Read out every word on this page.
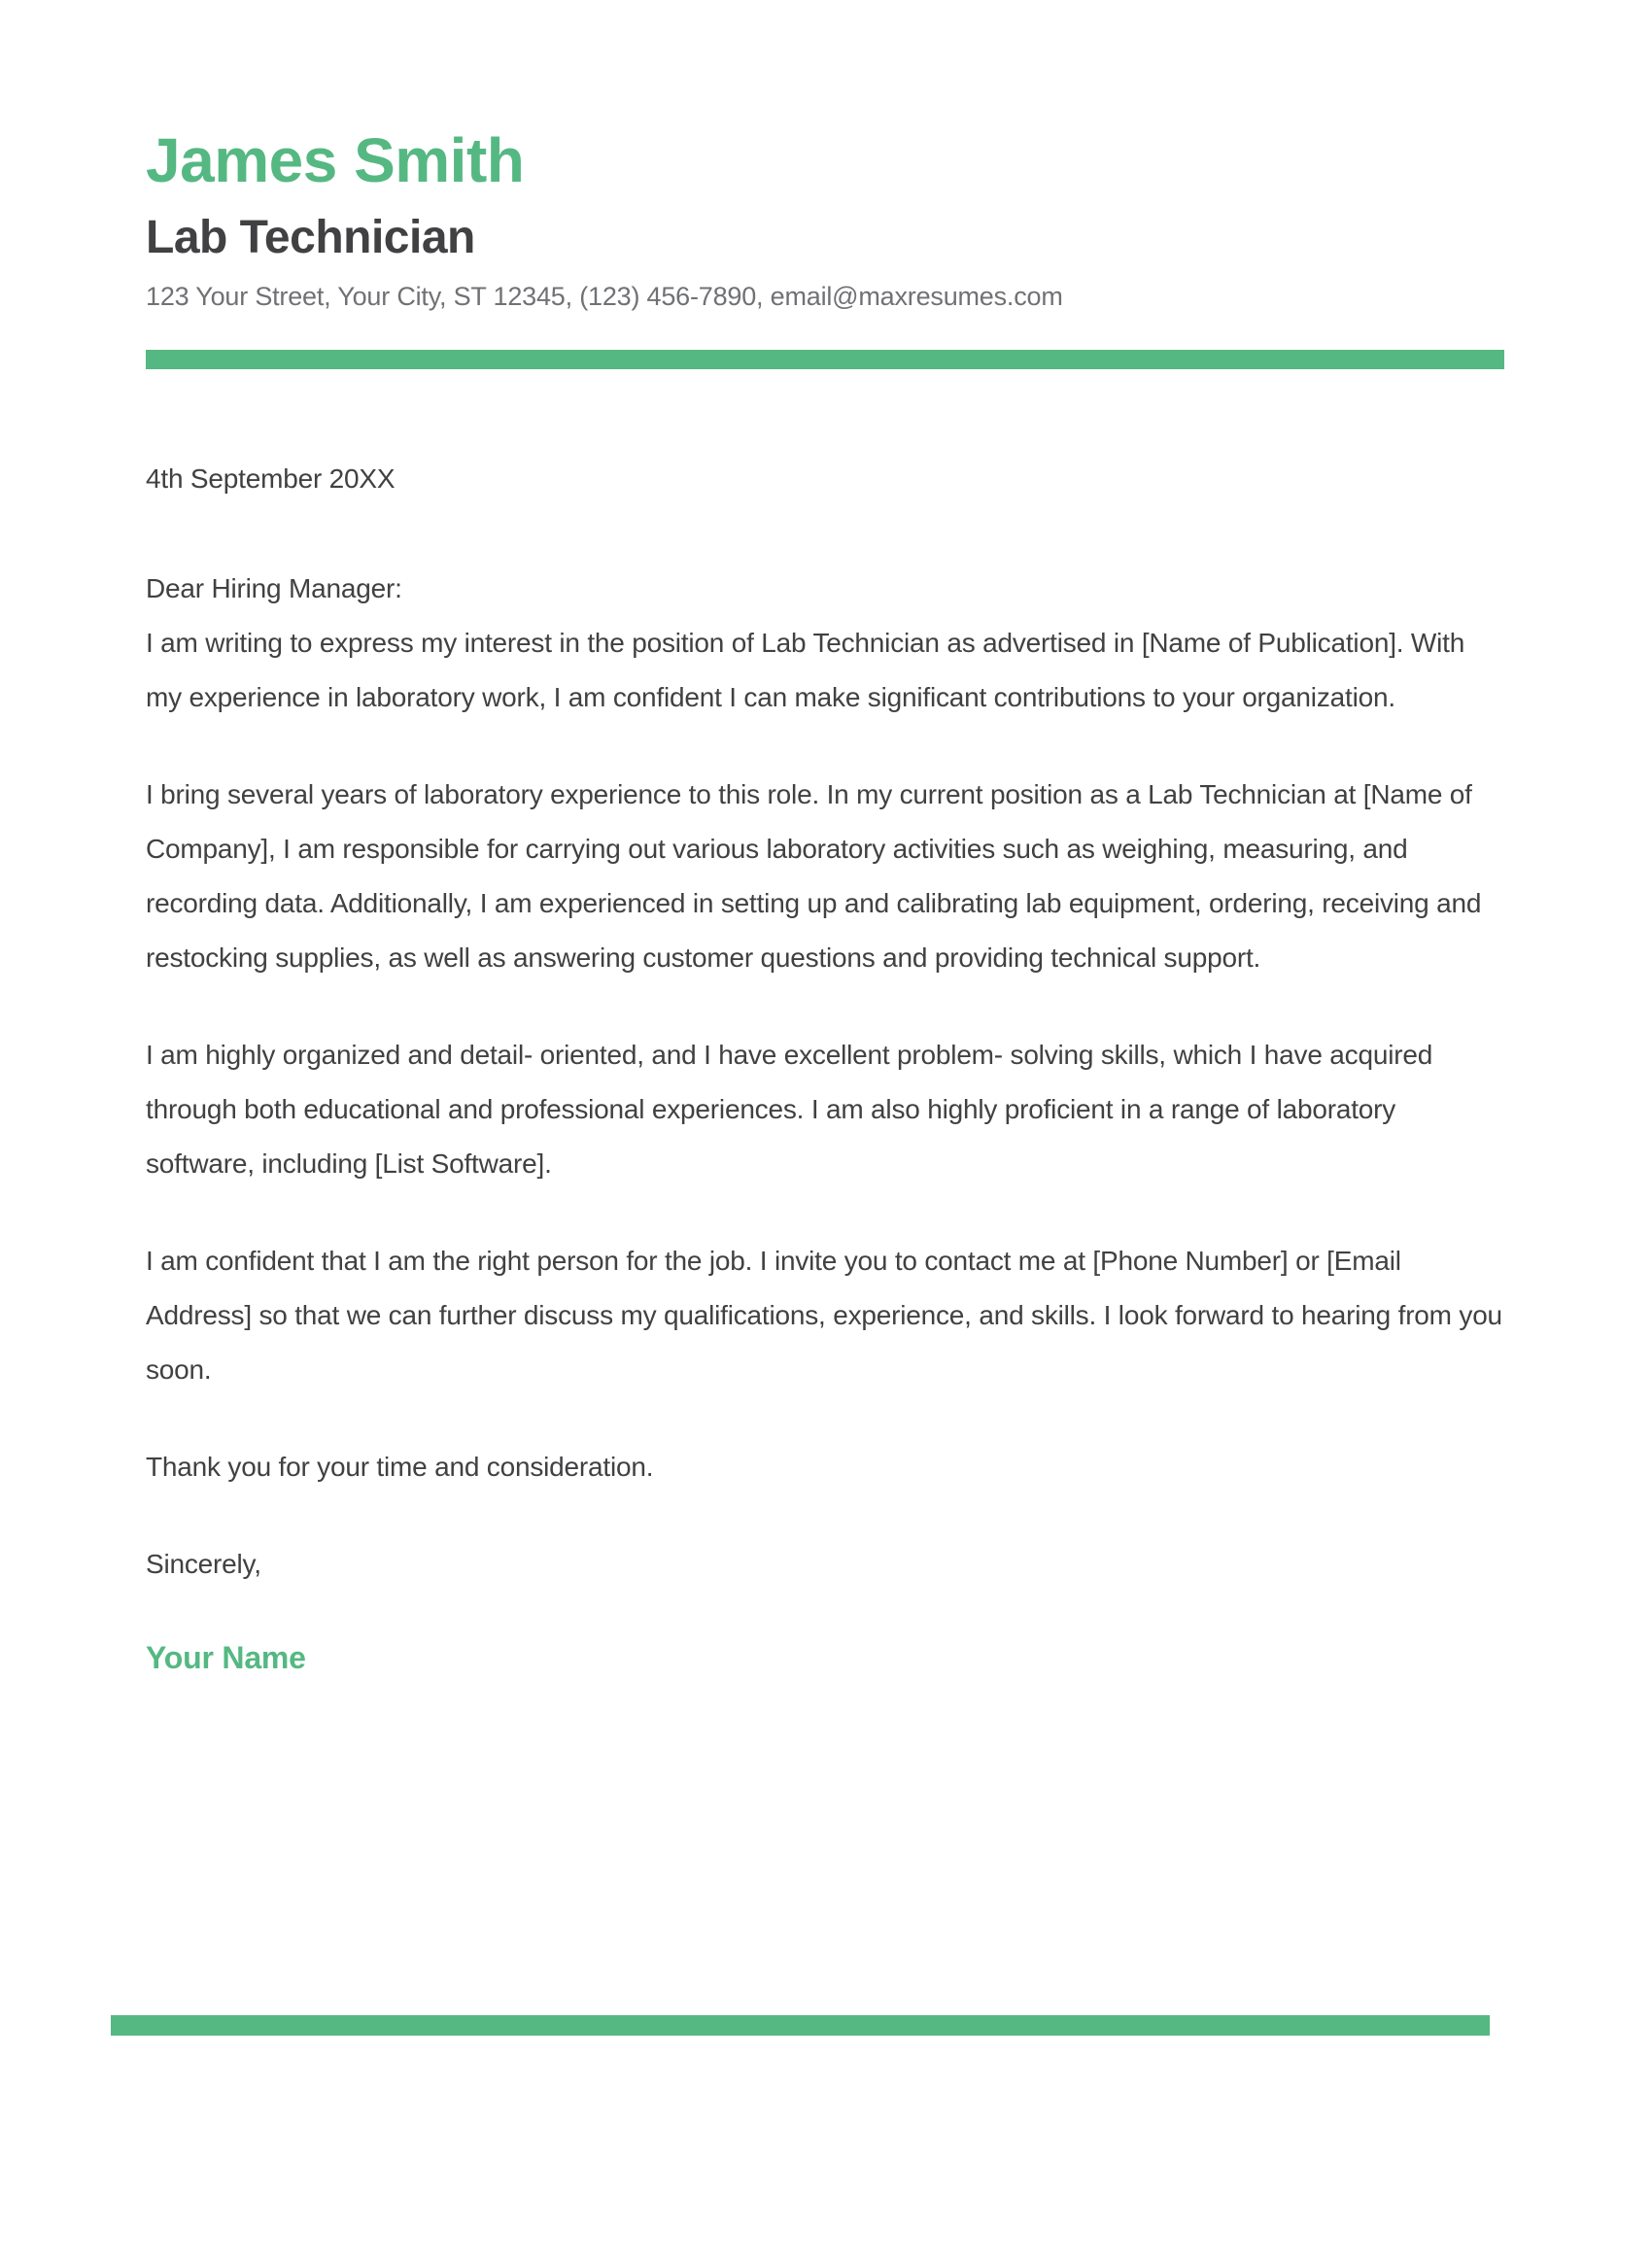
James Smith
Lab Technician
123 Your Street, Your City, ST 12345, (123) 456-7890, email@maxresumes.com

4th September 20XX

Dear Hiring Manager:

I am writing to express my interest in the position of Lab Technician as advertised in [Name of Publication]. With my experience in laboratory work, I am confident I can make significant contributions to your organization.

I bring several years of laboratory experience to this role. In my current position as a Lab Technician at [Name of Company], I am responsible for carrying out various laboratory activities such as weighing, measuring, and recording data. Additionally, I am experienced in setting up and calibrating lab equipment, ordering, receiving and restocking supplies, as well as answering customer questions and providing technical support.

I am highly organized and detail- oriented, and I have excellent problem- solving skills, which I have acquired through both educational and professional experiences. I am also highly proficient in a range of laboratory software, including [List Software].

I am confident that I am the right person for the job. I invite you to contact me at [Phone Number] or [Email Address] so that we can further discuss my qualifications, experience, and skills. I look forward to hearing from you soon.

Thank you for your time and consideration.

Sincerely,

Your Name
